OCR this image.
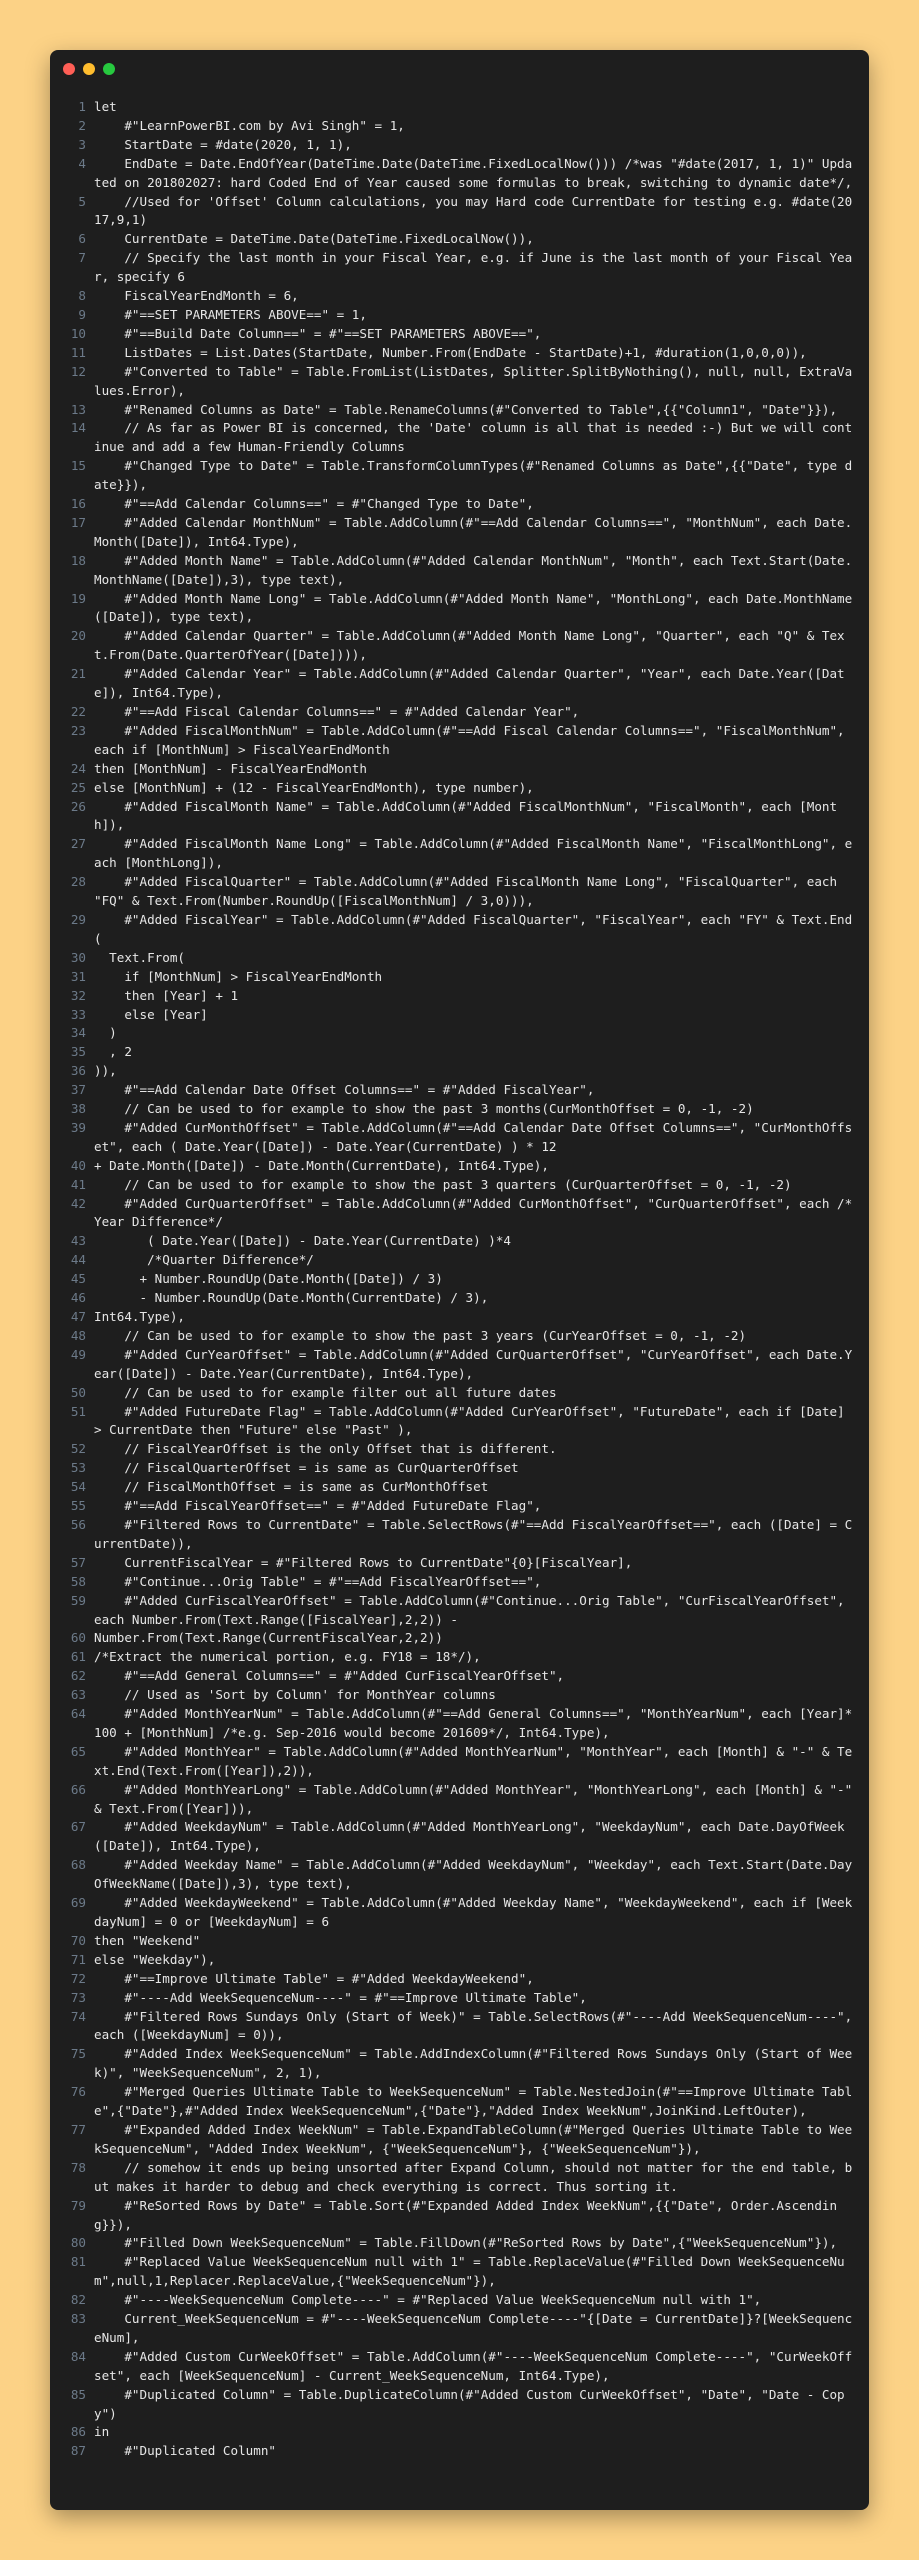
1 let
2 #"LearnPowerBI.com by Avi Singh" = 1,
3 StartDate = #date(2020, 1, 1),
4 EndDate = Date.EndOfYear(DateTime.Date(DateTime.FixedLocalNow())) /*was "#date(2017, 1, 1)" Updated on 201802027: hard Coded End of Year caused some formulas to break, switching to dynamic date*/,
5 //Used for 'Offset' Column calculations, you may Hard code CurrentDate for testing e.g. #date(2017,9,1)
6 CurrentDate = DateTime.Date(DateTime.FixedLocalNow()),
7 // Specify the last month in your Fiscal Year, e.g. if June is the last month of your Fiscal Year, specify 6
8 FiscalYearEndMonth = 6,
9 #"==SET PARAMETERS ABOVE==" = 1,
10 #"==Build Date Column==" = #"==SET PARAMETERS ABOVE==",
11 ListDates = List.Dates(StartDate, Number.From(EndDate - StartDate)+1, #duration(1,0,0,0)),
12 #"Converted to Table" = Table.FromList(ListDates, Splitter.SplitByNothing(), null, null, ExtraValues.Error),
13 #"Renamed Columns as Date" = Table.RenameColumns(#"Converted to Table",{{"Column1", "Date"}}),
14 // As far as Power BI is concerned, the 'Date' column is all that is needed :-) But we will continue and add a few Human-Friendly Columns
15 #"Changed Type to Date" = Table.TransformColumnTypes(#"Renamed Columns as Date",{{"Date", type date}}),
16 #"==Add Calendar Columns==" = #"Changed Type to Date",
17 #"Added Calendar MonthNum" = Table.AddColumn(#"==Add Calendar Columns==", "MonthNum", each Date.Month([Date]), Int64.Type),
18 #"Added Month Name" = Table.AddColumn(#"Added Calendar MonthNum", "Month", each Text.Start(Date.MonthName([Date]),3), type text),
19 #"Added Month Name Long" = Table.AddColumn(#"Added Month Name", "MonthLong", each Date.MonthName([Date]), type text),
20 #"Added Calendar Quarter" = Table.AddColumn(#"Added Month Name Long", "Quarter", each "Q" & Text.From(Date.QuarterOfYear([Date]))),
21 #"Added Calendar Year" = Table.AddColumn(#"Added Calendar Quarter", "Year", each Date.Year([Date]), Int64.Type),
22 #"==Add Fiscal Calendar Columns==" = #"Added Calendar Year",
23 #"Added FiscalMonthNum" = Table.AddColumn(#"==Add Fiscal Calendar Columns==", "FiscalMonthNum", each if [MonthNum] > FiscalYearEndMonth
24 then [MonthNum] - FiscalYearEndMonth
25 else [MonthNum] + (12 - FiscalYearEndMonth), type number),
26 #"Added FiscalMonth Name" = Table.AddColumn(#"Added FiscalMonthNum", "FiscalMonth", each [Month]),
27 #"Added FiscalMonth Name Long" = Table.AddColumn(#"Added FiscalMonth Name", "FiscalMonthLong", each [MonthLong]),
28 #"Added FiscalQuarter" = Table.AddColumn(#"Added FiscalMonth Name Long", "FiscalQuarter", each "FQ" & Text.From(Number.RoundUp([FiscalMonthNum] / 3,0))),
29 #"Added FiscalYear" = Table.AddColumn(#"Added FiscalQuarter", "FiscalYear", each "FY" & Text.End(
30 Text.From(
31 if [MonthNum] > FiscalYearEndMonth
32 then [Year] + 1
33 else [Year]
34 )
35 , 2
36 )),
37 #"==Add Calendar Date Offset Columns==" = #"Added FiscalYear",
38 // Can be used to for example to show the past 3 months(CurMonthOffset = 0, -1, -2)
39 #"Added CurMonthOffset" = Table.AddColumn(#"==Add Calendar Date Offset Columns==", "CurMonthOffset", each ( Date.Year([Date]) - Date.Year(CurrentDate) ) * 12
40 + Date.Month([Date]) - Date.Month(CurrentDate), Int64.Type),
41 // Can be used to for example to show the past 3 quarters (CurQuarterOffset = 0, -1, -2)
42 #"Added CurQuarterOffset" = Table.AddColumn(#"Added CurMonthOffset", "CurQuarterOffset", each /*Year Difference*/
43 ( Date.Year([Date]) - Date.Year(CurrentDate) )*4
44 /*Quarter Difference*/
45 + Number.RoundUp(Date.Month([Date]) / 3)
46 - Number.RoundUp(Date.Month(CurrentDate) / 3),
47 Int64.Type),
48 // Can be used to for example to show the past 3 years (CurYearOffset = 0, -1, -2)
49 #"Added CurYearOffset" = Table.AddColumn(#"Added CurQuarterOffset", "CurYearOffset", each Date.Year([Date]) - Date.Year(CurrentDate), Int64.Type),
50 // Can be used to for example filter out all future dates
51 #"Added FutureDate Flag" = Table.AddColumn(#"Added CurYearOffset", "FutureDate", each if [Date] > CurrentDate then "Future" else "Past" ),
52 // FiscalYearOffset is the only Offset that is different.
53 // FiscalQuarterOffset = is same as CurQuarterOffset
54 // FiscalMonthOffset = is same as CurMonthOffset
55 #"==Add FiscalYearOffset==" = #"Added FutureDate Flag",
56 #"Filtered Rows to CurrentDate" = Table.SelectRows(#"==Add FiscalYearOffset==", each ([Date] = CurrentDate)),
57 CurrentFiscalYear = #"Filtered Rows to CurrentDate"{0}[FiscalYear],
58 #"Continue...Orig Table" = #"==Add FiscalYearOffset==",
59 #"Added CurFiscalYearOffset" = Table.AddColumn(#"Continue...Orig Table", "CurFiscalYearOffset", each Number.From(Text.Range([FiscalYear],2,2)) -
60 Number.From(Text.Range(CurrentFiscalYear,2,2))
61 /*Extract the numerical portion, e.g. FY18 = 18*/),
62 #"==Add General Columns==" = #"Added CurFiscalYearOffset",
63 // Used as 'Sort by Column' for MonthYear columns
64 #"Added MonthYearNum" = Table.AddColumn(#"==Add General Columns==", "MonthYearNum", each [Year]*100 + [MonthNum] /*e.g. Sep-2016 would become 201609*/, Int64.Type),
65 #"Added MonthYear" = Table.AddColumn(#"Added MonthYearNum", "MonthYear", each [Month] & "-" & Text.End(Text.From([Year]),2)),
66 #"Added MonthYearLong" = Table.AddColumn(#"Added MonthYear", "MonthYearLong", each [Month] & "-" & Text.From([Year])),
67 #"Added WeekdayNum" = Table.AddColumn(#"Added MonthYearLong", "WeekdayNum", each Date.DayOfWeek([Date]), Int64.Type),
68 #"Added Weekday Name" = Table.AddColumn(#"Added WeekdayNum", "Weekday", each Text.Start(Date.DayOfWeekName([Date]),3), type text),
69 #"Added WeekdayWeekend" = Table.AddColumn(#"Added Weekday Name", "WeekdayWeekend", each if [WeekdayNum] = 0 or [WeekdayNum] = 6
70 then "Weekend"
71 else "Weekday"),
72 #"==Improve Ultimate Table" = #"Added WeekdayWeekend",
73 #"----Add WeekSequenceNum----" = #"==Improve Ultimate Table",
74 #"Filtered Rows Sundays Only (Start of Week)" = Table.SelectRows(#"----Add WeekSequenceNum----", each ([WeekdayNum] = 0)),
75 #"Added Index WeekSequenceNum" = Table.AddIndexColumn(#"Filtered Rows Sundays Only (Start of Week)", "WeekSequenceNum", 2, 1),
76 #"Merged Queries Ultimate Table to WeekSequenceNum" = Table.NestedJoin(#"==Improve Ultimate Table",{"Date"},#"Added Index WeekSequenceNum",{"Date"},"Added Index WeekNum",JoinKind.LeftOuter),
77 #"Expanded Added Index WeekNum" = Table.ExpandTableColumn(#"Merged Queries Ultimate Table to WeekSequenceNum", "Added Index WeekNum", {"WeekSequenceNum"}, {"WeekSequenceNum"}),
78 // somehow it ends up being unsorted after Expand Column, should not matter for the end table, but makes it harder to debug and check everything is correct. Thus sorting it.
79 #"ReSorted Rows by Date" = Table.Sort(#"Expanded Added Index WeekNum",{{"Date", Order.Ascending}}),
80 #"Filled Down WeekSequenceNum" = Table.FillDown(#"ReSorted Rows by Date",{"WeekSequenceNum"}),
81 #"Replaced Value WeekSequenceNum null with 1" = Table.ReplaceValue(#"Filled Down WeekSequenceNum",null,1,Replacer.ReplaceValue,{"WeekSequenceNum"}),
82 #"----WeekSequenceNum Complete----" = #"Replaced Value WeekSequenceNum null with 1",
83 Current_WeekSequenceNum = #"----WeekSequenceNum Complete----"{[Date = CurrentDate]}?[WeekSequenceNum],
84 #"Added Custom CurWeekOffset" = Table.AddColumn(#"----WeekSequenceNum Complete----", "CurWeekOffset", each [WeekSequenceNum] - Current_WeekSequenceNum, Int64.Type),
85 #"Duplicated Column" = Table.DuplicateColumn(#"Added Custom CurWeekOffset", "Date", "Date - Copy")
86 in
87 #"Duplicated Column"
